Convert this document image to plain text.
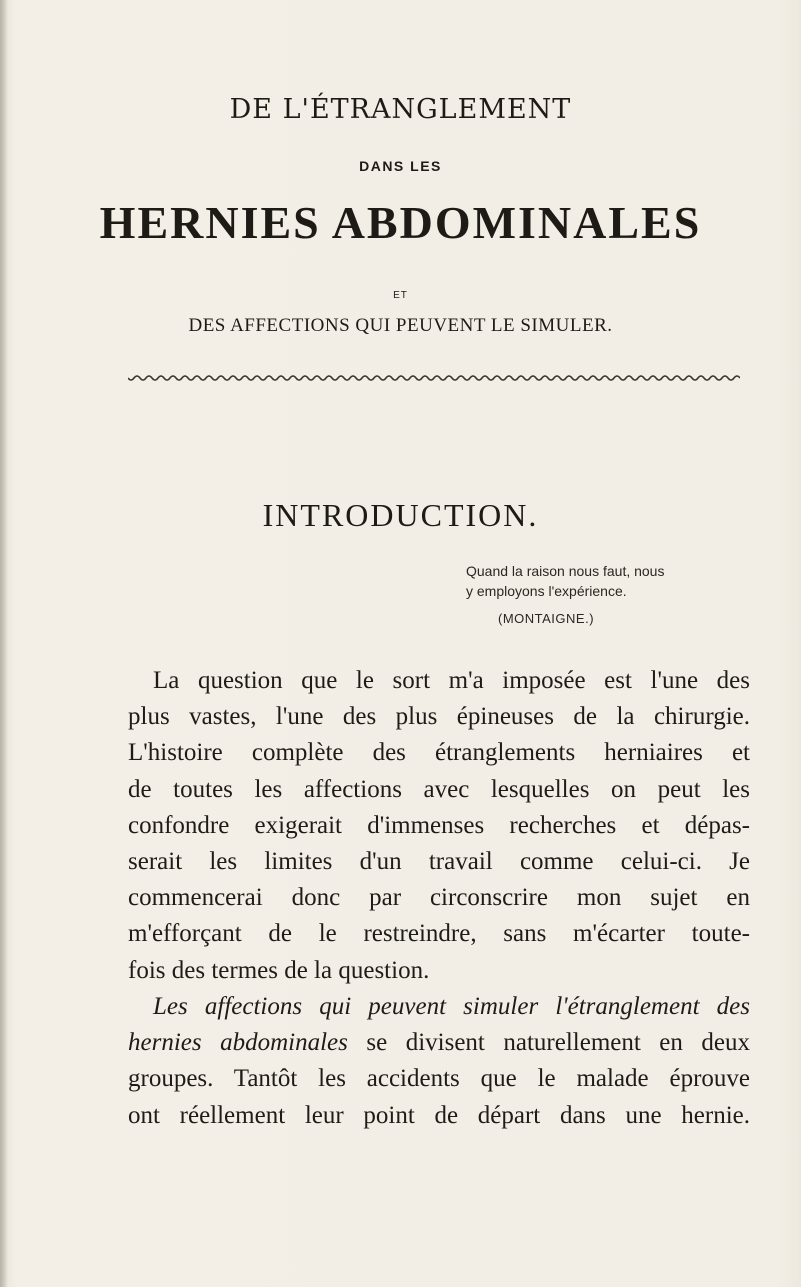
DE L'ÉTRANGLEMENT
DANS LES
HERNIES ABDOMINALES
ET
DES AFFECTIONS QUI PEUVENT LE SIMULER.
INTRODUCTION.
Quand la raison nous faut, nous
y employons l'expérience.
(MONTAIGNE.)
La question que le sort m'a imposée est l'une des
plus vastes, l'une des plus épineuses de la chirurgie.
L'histoire complète des étranglements herniaires et
de toutes les affections avec lesquelles on peut les
confondre exigerait d'immenses recherches et dépas-
serait les limites d'un travail comme celui-ci. Je
commencerai donc par circonscrire mon sujet en
m'efforçant de le restreindre, sans m'écarter toute-
fois des termes de la question.
Les affections qui peuvent simuler l'étranglement des
hernies abdominales se divisent naturellement en deux
groupes. Tantôt les accidents que le malade éprouve
ont réellement leur point de départ dans une hernie.
